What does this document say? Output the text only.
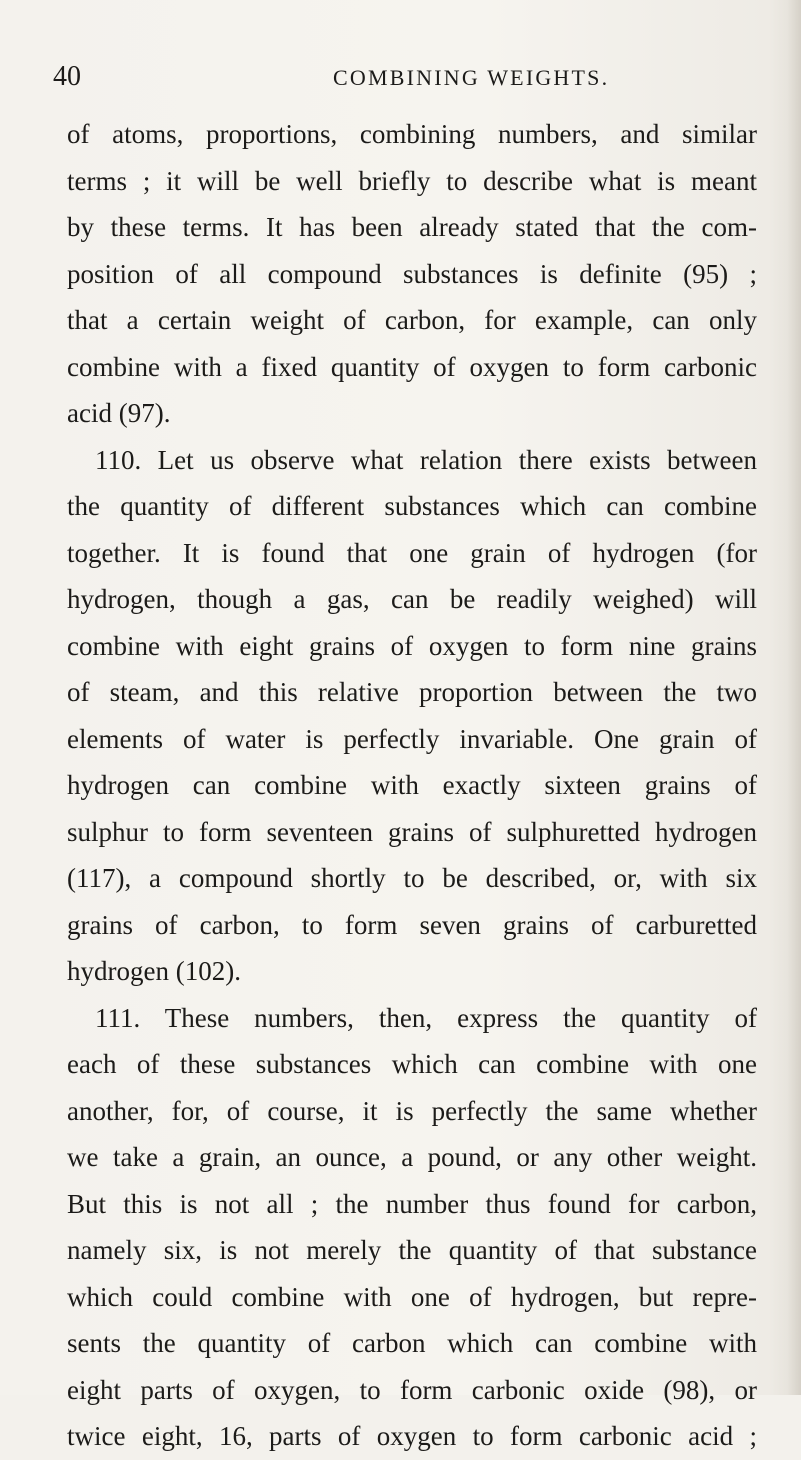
40	COMBINING WEIGHTS.
of atoms, proportions, combining numbers, and similar
terms ; it will be well briefly to describe what is meant
by these terms. It has been already stated that the com-
position of all compound substances is definite (95) ;
that a certain weight of carbon, for example, can only
combine with a fixed quantity of oxygen to form carbonic
acid (97).
110. Let us observe what relation there exists between
the quantity of different substances which can combine
together. It is found that one grain of hydrogen (for
hydrogen, though a gas, can be readily weighed) will
combine with eight grains of oxygen to form nine grains
of steam, and this relative proportion between the two
elements of water is perfectly invariable. One grain of
hydrogen can combine with exactly sixteen grains of
sulphur to form seventeen grains of sulphuretted hydrogen
(117), a compound shortly to be described, or, with six
grains of carbon, to form seven grains of carburetted
hydrogen (102).
111. These numbers, then, express the quantity of
each of these substances which can combine with one
another, for, of course, it is perfectly the same whether
we take a grain, an ounce, a pound, or any other weight.
But this is not all ; the number thus found for carbon,
namely six, is not merely the quantity of that substance
which could combine with one of hydrogen, but repre-
sents the quantity of carbon which can combine with
eight parts of oxygen, to form carbonic oxide (98), or
twice eight, 16, parts of oxygen to form carbonic acid ;
